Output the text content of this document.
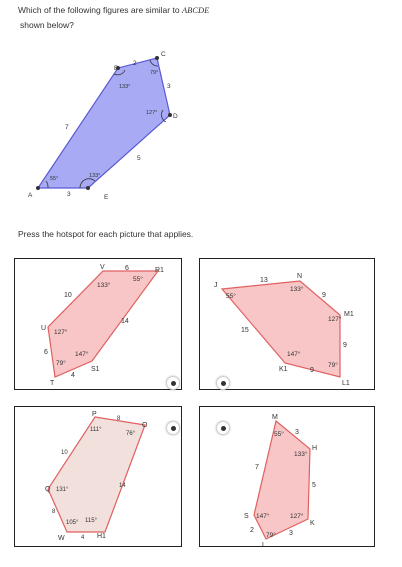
Which of the following figures are similar to ABCDE
shown below?
A
B
C
D
E
55°
133°
79°
127°
133°
7
2
3
5
3
Press the hotspot for each picture that applies.
V	R1
S1
T
U
133°
55°
147°
79°
127°
6
14
4
6
10
J
N
M1
L1
K1
55°
133°
127°
79°
147°
13
9
9
9
15
P
O
H1
W
Q
111°
76°
115°
105°
131°
8
14
4
8
10
M
H
K
L
S
55°
133°
127°
79°
147°
3
5
3
2
7
